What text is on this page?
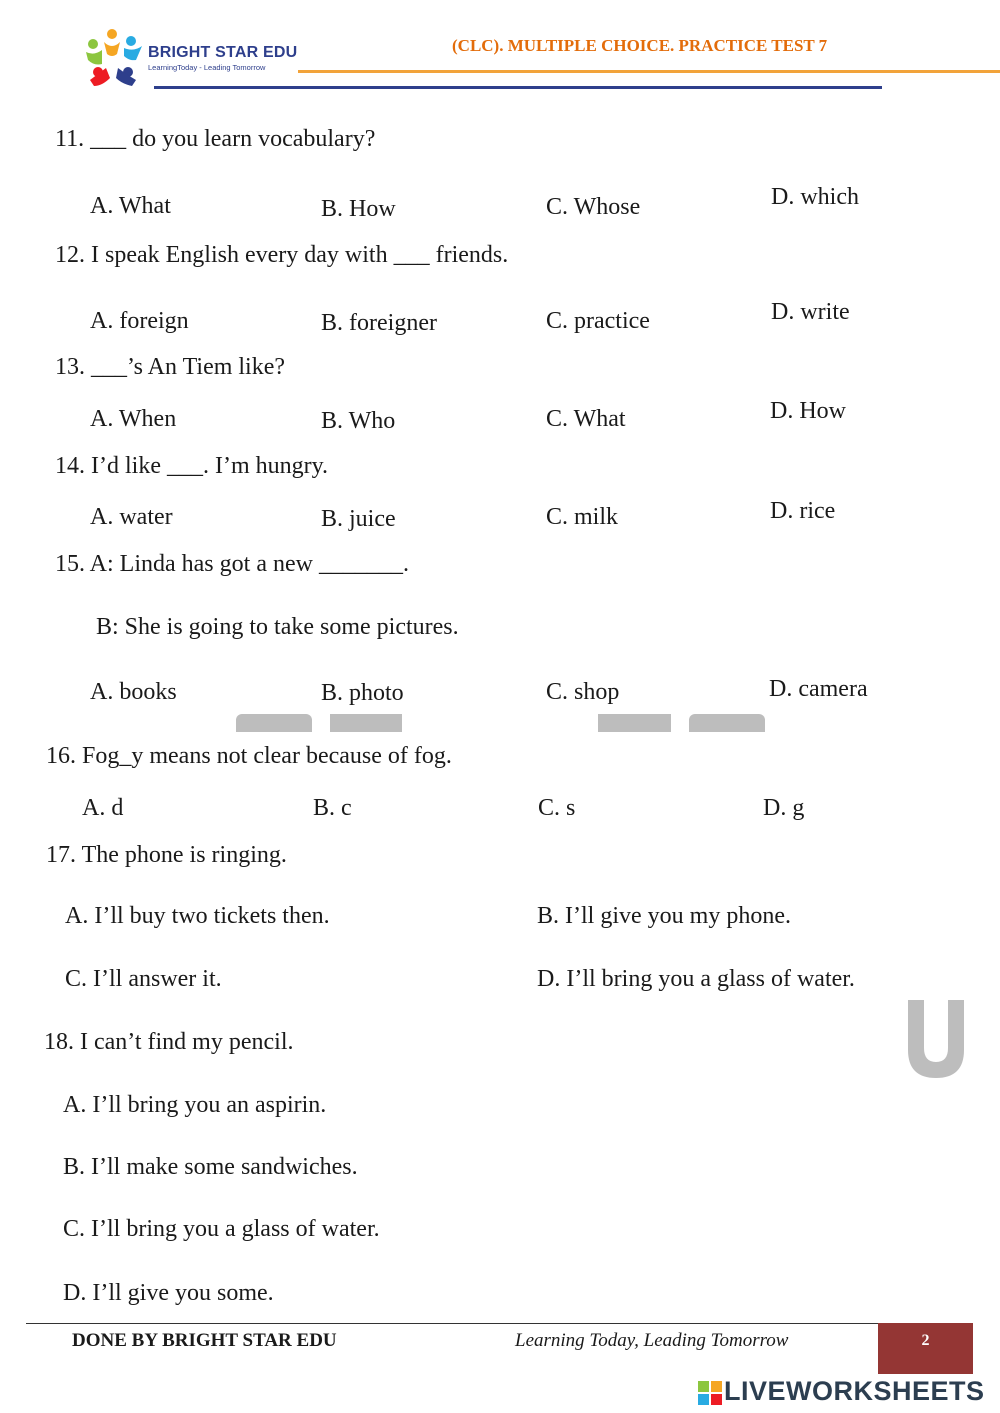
BRIGHT STAR EDU
LearningToday - Leading Tomorrow
(CLC). MULTIPLE CHOICE. PRACTICE TEST 7
11. ___ do you learn vocabulary?
A. What	B. How	C. Whose	D. which
12. I speak English every day with ___ friends.
A. foreign	B. foreigner	C. practice	D. write
13. ___’s An Tiem like?
A. When	B. Who	C. What	D. How
14. I’d like ___. I’m hungry.
A. water	B. juice	C. milk	D. rice
15. A: Linda has got a new _______.
B: She is going to take some pictures.
A. books	B. photo	C. shop	D. camera
16. Fog_y means not clear because of fog.
A. d	B. c	C. s	D. g
17. The phone is ringing.
A. I’ll buy two tickets then.	B. I’ll give you my phone.
C. I’ll answer it.	D. I’ll bring you a glass of water.
18. I can’t find my pencil.
A. I’ll bring you an aspirin.
B. I’ll make some sandwiches.
C. I’ll bring you a glass of water.
D. I’ll give you some.
DONE BY BRIGHT STAR EDU	Learning Today, Leading Tomorrow	2
LIVEWORKSHEETS
